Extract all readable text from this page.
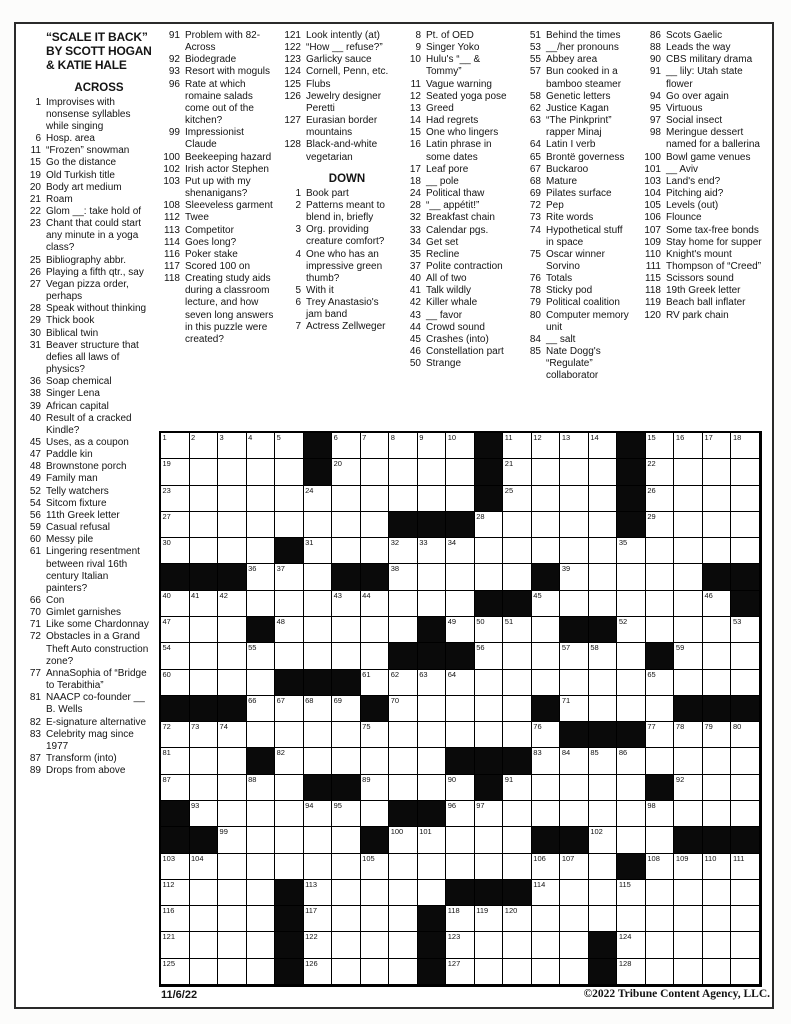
“SCALE IT BACK”
BY SCOTT HOGAN
& KATIE HALE
ACROSS
1 Improvises with nonsense syllables while singing
6 Hosp. area
11 “Frozen” snowman
15 Go the distance
19 Old Turkish title
20 Body art medium
21 Roam
22 Glom __: take hold of
23 Chant that could start any minute in a yoga class?
25 Bibliography abbr.
26 Playing a fifth qtr., say
27 Vegan pizza order, perhaps
28 Speak without thinking
29 Thick book
30 Biblical twin
31 Beaver structure that defies all laws of physics?
36 Soap chemical
38 Singer Lena
39 African capital
40 Result of a cracked Kindle?
45 Uses, as a coupon
47 Paddle kin
48 Brownstone porch
49 Family man
52 Telly watchers
54 Sitcom fixture
56 11th Greek letter
59 Casual refusal
60 Messy pile
61 Lingering resentment between rival 16th century Italian painters?
66 Con
70 Gimlet garnishes
71 Like some Chardonnay
72 Obstacles in a Grand Theft Auto construction zone?
77 AnnaSophia of “Bridge to Terabithia”
81 NAACP co-founder __ B. Wells
82 E-signature alternative
83 Celebrity mag since 1977
87 Transform (into)
89 Drops from above
91 Problem with 82-Across
92 Biodegrade
93 Resort with moguls
96 Rate at which romaine salads come out of the kitchen?
99 Impressionist Claude
100 Beekeeping hazard
102 Irish actor Stephen
103 Put up with my shenanigans?
108 Sleeveless garment
112 Twee
113 Competitor
114 Goes long?
116 Poker stake
117 Scored 100 on
118 Creating study aids during a classroom lecture, and how seven long answers in this puzzle were created?
121 Look intently (at)
122 “How __ refuse?”
123 Garlicky sauce
124 Cornell, Penn, etc.
125 Flubs
126 Jewelry designer Peretti
127 Eurasian border mountains
128 Black-and-white vegetarian
DOWN
1 Book part
2 Patterns meant to blend in, briefly
3 Org. providing creature comfort?
4 One who has an impressive green thumb?
5 With it
6 Trey Anastasio's jam band
7 Actress Zellweger
8 Pt. of OED
9 Singer Yoko
10 Hulu's “__ & Tommy”
11 Vague warning
12 Seated yoga pose
13 Greed
14 Had regrets
15 One who lingers
16 Latin phrase in some dates
17 Leaf pore
18 __ pole
24 Political thaw
28 “__ appétit!”
32 Breakfast chain
33 Calendar pgs.
34 Get set
35 Recline
37 Polite contraction
40 All of two
41 Talk wildly
42 Killer whale
43 __ favor
44 Crowd sound
45 Crashes (into)
46 Constellation part
50 Strange
51 Behind the times
53 __/her pronouns
55 Abbey area
57 Bun cooked in a bamboo steamer
58 Genetic letters
62 Justice Kagan
63 “The Pinkprint” rapper Minaj
64 Latin I verb
65 Brontë governess
67 Buckaroo
68 Mature
69 Pilates surface
72 Pep
73 Rite words
74 Hypothetical stuff in space
75 Oscar winner Sorvino
76 Totals
78 Sticky pod
79 Political coalition
80 Computer memory unit
84 __ salt
85 Nate Dogg's “Regulate” collaborator
86 Scots Gaelic
88 Leads the way
90 CBS military drama
91 __ lily: Utah state flower
94 Go over again
95 Virtuous
97 Social insect
98 Meringue dessert named for a ballerina
100 Bowl game venues
101 __ Aviv
103 Land's end?
104 Pitching aid?
105 Levels (out)
106 Flounce
107 Some tax-free bonds
109 Stay home for supper
110 Knight's mount
111 Thompson of “Creed”
115 Scissors sound
118 19th Greek letter
119 Beach ball inflater
120 RV park chain
1	2	3	4	5	6	7	8	9	10	11	12	13	14	15	16	17	18
19	20	21	22
23	24	25	26
27	28	29
30	31	32	33	34	35
36	37	38	39
40	41	42	43	44	45	46
47	48	49	50	51	52	53
54	55	56	57	58	59
60	61	62	63	64	65
66	67	68	69	70	71
72	73	74	75	76	77	78	79	80
81	82	83	84	85	86
87	88	89	90	91	92
93	94	95	96	97	98
99	100 101	102
103 104	105	106 107	108 109 110 111
112	113	114	115
116	117	118 119 120
121	122	123	124
125	126	127	128
11/6/22	©2022 Tribune Content Agency, LLC.
